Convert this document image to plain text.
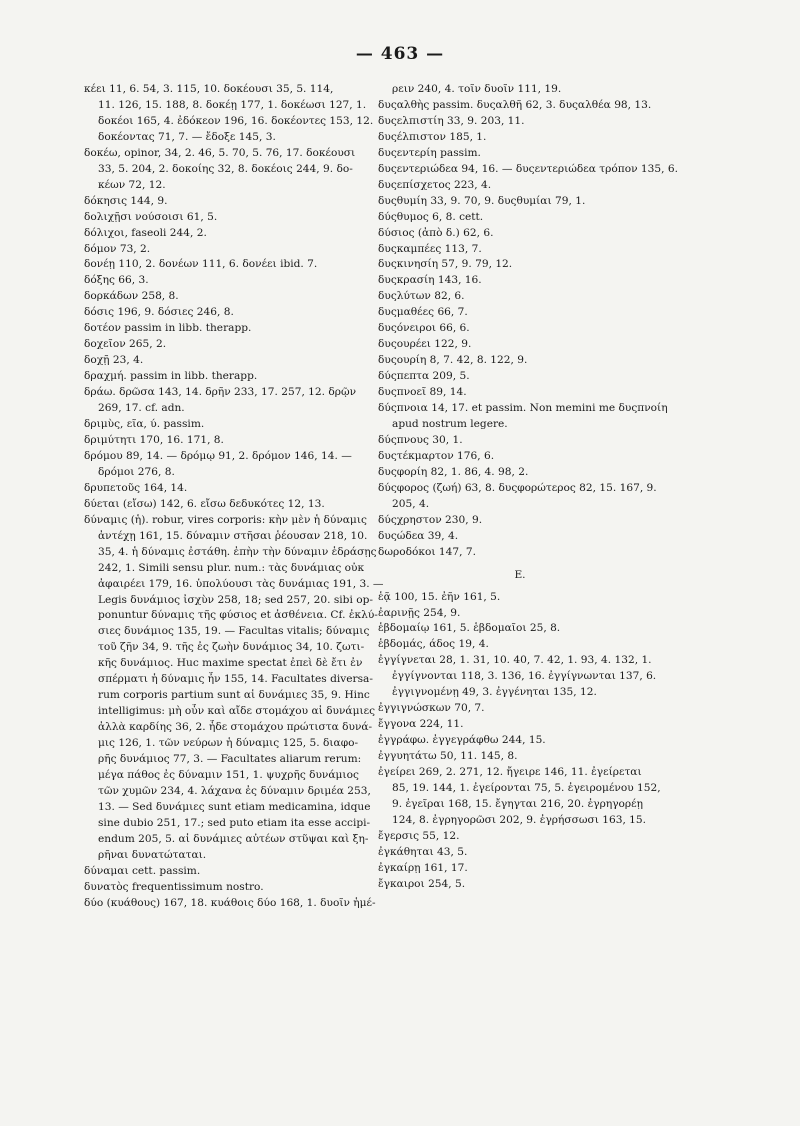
— 463 —
κέει 11, 6. 54, 3. 115, 10. δοκέουσι 35, 5. 114,
11. 126, 15. 188, 8. δοκέῃ 177, 1. δοκέωσι 127, 1.
δοκέοι 165, 4. ἐδόκεον 196, 16. δοκέοντες 153, 12.
δοκέοντας 71, 7. — ἔδοξε 145, 3.
δοκέω, opinor, 34, 2. 46, 5. 70, 5. 76, 17. δοκέουσι
33, 5. 204, 2. δοκοίης 32, 8. δοκέοις 244, 9. δο-
κέων 72, 12.
δόκησις 144, 9.
δολιχῇσι νούσοισι 61, 5.
δόλιχοι, faseoli 244, 2.
δόμον 73, 2.
δονέῃ 110, 2. δονέων 111, 6. δονέει ibid. 7.
δόξης 66, 3.
δορκάδων 258, 8.
δόσις 196, 9. δόσιες 246, 8.
δοτέον passim in libb. therapp.
δοχεῖον 265, 2.
δοχῇ 23, 4.
δραχμή. passim in libb. therapp.
δράω. δρῶσα 143, 14. δρῆν 233, 17. 257, 12. δρῷν
269, 17. cf. adn.
δριμὺς, εῖα, ύ. passim.
δριμύτητι 170, 16. 171, 8.
δρόμου 89, 14. — δρόμῳ 91, 2. δρόμον 146, 14. —
δρόμοι 276, 8.
δρυπετοῦς 164, 14.
δύεται (εἴσω) 142, 6. εἴσω δεδυκότες 12, 13.
δύναμις (ἡ). robur, vires corporis: κὴν μὲν ἡ δύναμις
ἀντέχῃ 161, 15. δύναμιν στῆσαι ῥέουσαν 218, 10.
35, 4. ἡ δύναμις ἐστάθη. ἐπὴν τὴν δύναμιν ἑδράσῃς
242, 1. Simili sensu plur. num.: τὰς δυνάμιας οὐκ
ἀφαιρέει 179, 16. ὑπολύουσι τὰς δυνάμιας 191, 3. —
Legis δυνάμιος ἰσχὺν 258, 18; sed 257, 20. sibi op-
ponuntur δύναμις τῆς φύσιος et ἀσθένεια. Cf. ἐκλύ-
σιες δυνάμιος 135, 19. — Facultas vitalis; δύναμις
τοῦ ζῆν 34, 9. τῆς ἐς ζωὴν δυνάμιος 34, 10. ζωτι-
κῆς δυνάμιος. Huc maxime spectat ἐπεὶ δὲ ἔτι ἐν
σπέρματι ἡ δύναμις ἦν 155, 14. Facultates diversa-
rum corporis partium sunt αἱ δυνάμιες 35, 9. Hinc
intelligimus: μὴ οὖν καὶ αἴδε στομάχου αἱ δυνάμιες
ἀλλὰ καρδίης 36, 2. ἧδε στομάχου πρώτιστα δυνά-
μις 126, 1. τῶν νεύρων ἡ δύναμις 125, 5. διαφο-
ρῆς δυνάμιος 77, 3. — Facultates aliarum rerum:
μέγα πάθος ἐς δύναμιν 151, 1. ψυχρῆς δυνάμιος
τῶν χυμῶν 234, 4. λάχανα ἐς δύναμιν δριμέα 253,
13. — Sed δυνάμιες sunt etiam medicamina, idque
sine dubio 251, 17.; sed puto etiam ita esse accipi-
endum 205, 5. αἱ δυνάμιες αὐτέων στῦψαι καὶ ξη-
ρῆναι δυνατώταται.
δύναμαι cett. passim.
δυνατὸς frequentissimum nostro.
δύο (κυάθους) 167, 18. κυάθοις δύο 168, 1. δυοῖν ἡμέ-
ρειν 240, 4. τοῖν δυοῖν 111, 19.
δυςαλθὴς passim. δυςαλθῆ 62, 3. δυςαλθέα 98, 13.
δυςελπιστίη 33, 9. 203, 11.
δυςέλπιστον 185, 1.
δυςεντερίη passim.
δυςεντεριώδεα 94, 16. — δυςεντεριώδεα τρόπον 135, 6.
δυςεπίσχετος 223, 4.
δυςθυμίη 33, 9. 70, 9. δυςθυμίαι 79, 1.
δύςθυμος 6, 8. cett.
δύσιος (ἀπὸ δ.) 62, 6.
δυςκαμπέες 113, 7.
δυςκινησίη 57, 9. 79, 12.
δυςκρασίη 143, 16.
δυςλύτων 82, 6.
δυςμαθέες 66, 7.
δυςόνειροι 66, 6.
δυςουρέει 122, 9.
δυςουρίη 8, 7. 42, 8. 122, 9.
δύςπεπτα 209, 5.
δυςπνοεῖ 89, 14.
δύςπνοια 14, 17. et passim. Non memini me δυςπνοίη
apud nostrum legere.
δύςπνους 30, 1.
δυςτέκμαρτον 176, 6.
δυςφορίη 82, 1. 86, 4. 98, 2.
δύςφορος (ζωή) 63, 8. δυςφορώτερος 82, 15. 167, 9.
205, 4.
δύςχρηστον 230, 9.
δυςώδεα 39, 4.
δωροδόκοι 147, 7.
E.
ἑᾷ 100, 15. ἐῆν 161, 5.
ἐαρινῇς 254, 9.
ἑβδομαίῳ 161, 5. ἑβδομαῖοι 25, 8.
ἑβδομάς, άδος 19, 4.
ἐγγίγνεται 28, 1. 31, 10. 40, 7. 42, 1. 93, 4. 132, 1.
ἐγγίγνονται 118, 3. 136, 16. ἐγγίγνωνται 137, 6.
ἐγγιγνομένῃ 49, 3. ἐγγένηται 135, 12.
ἐγγιγνώσκων 70, 7.
ἔγγονα 224, 11.
ἐγγράφω. ἐγγεγράφθω 244, 15.
ἐγγυητάτω 50, 11. 145, 8.
ἐγείρει 269, 2. 271, 12. ἤγειρε 146, 11. ἐγείρεται
85, 19. 144, 1. ἐγείρονται 75, 5. ἐγειρομένου 152,
9. ἐγεῖραι 168, 15. ἔγηγται 216, 20. ἐγρηγορέῃ
124, 8. ἐγρηγορῶσι 202, 9. ἐγρήσσωσι 163, 15.
ἔγερσις 55, 12.
ἐγκάθηται 43, 5.
ἐγκαίρῃ 161, 17.
ἔγκαιροι 254, 5.
